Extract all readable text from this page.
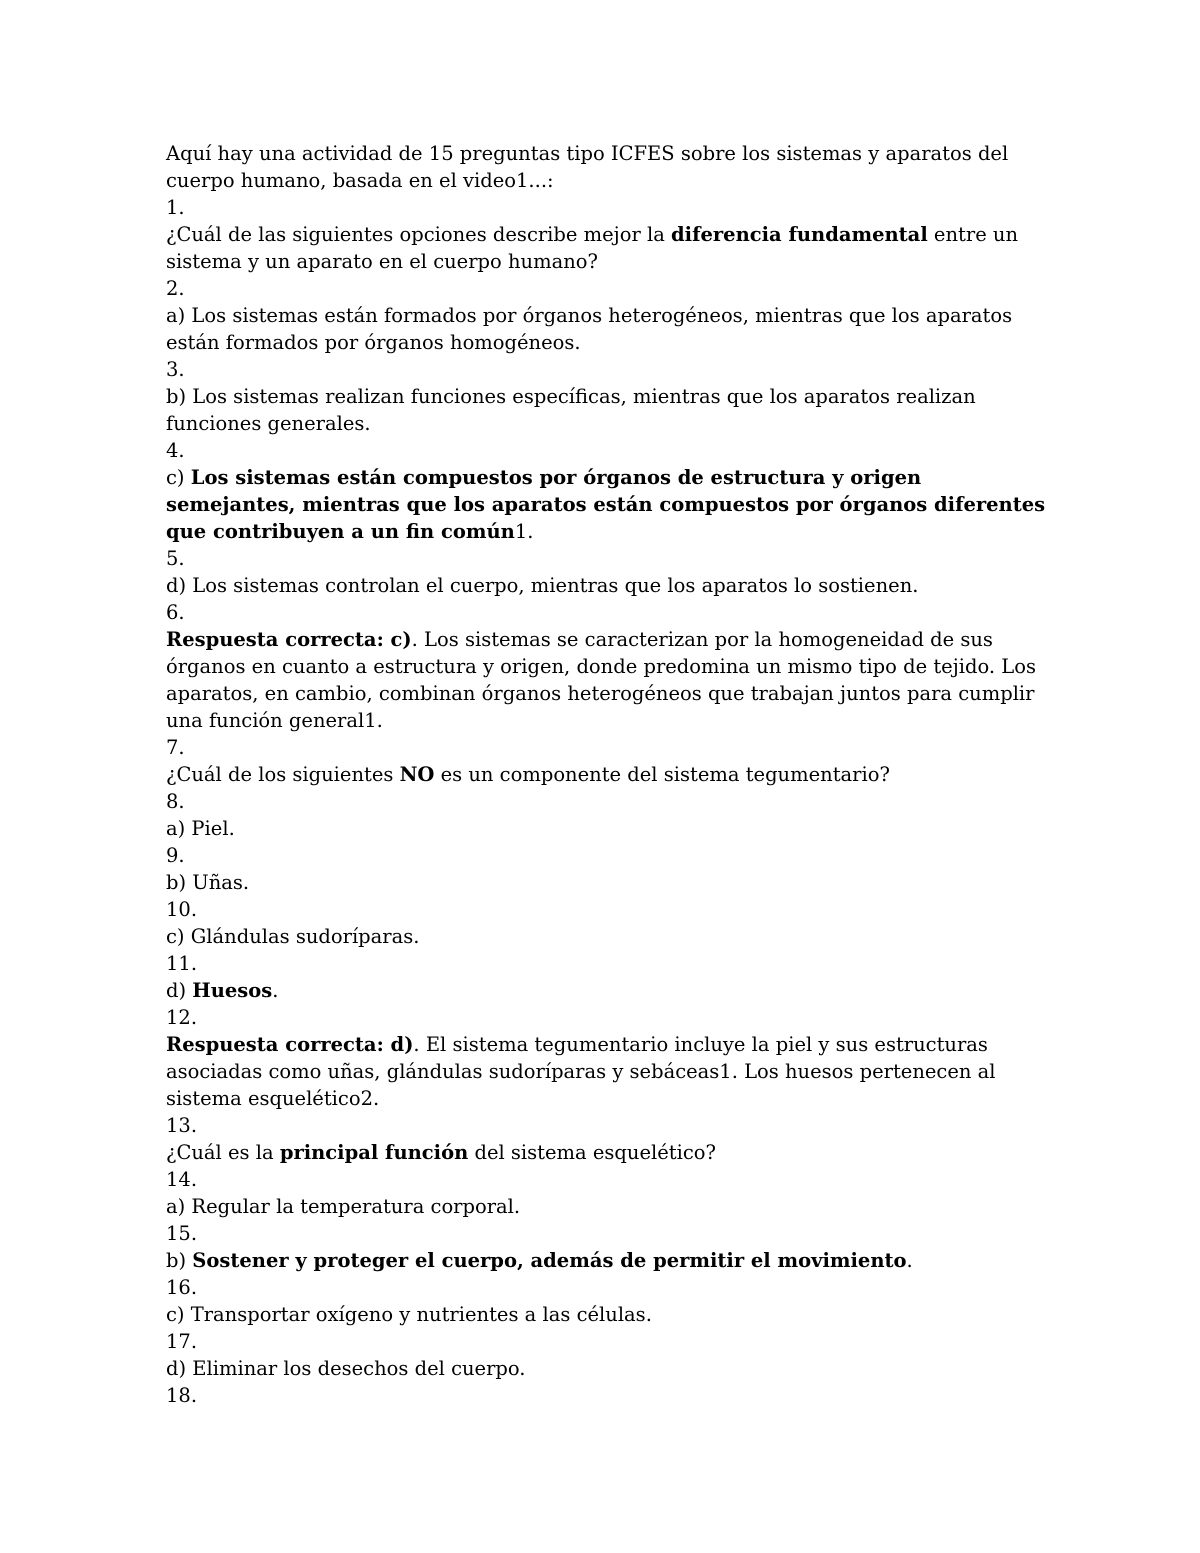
Aquí hay una actividad de 15 preguntas tipo ICFES sobre los sistemas y aparatos del cuerpo humano, basada en el video1...:

1.

¿Cuál de las siguientes opciones describe mejor la diferencia fundamental entre un sistema y un aparato en el cuerpo humano?

2.

a) Los sistemas están formados por órganos heterogéneos, mientras que los aparatos están formados por órganos homogéneos.

3.

b) Los sistemas realizan funciones específicas, mientras que los aparatos realizan funciones generales.

4.

c) Los sistemas están compuestos por órganos de estructura y origen semejantes, mientras que los aparatos están compuestos por órganos diferentes que contribuyen a un fin común1.

5.

d) Los sistemas controlan el cuerpo, mientras que los aparatos lo sostienen.

6.

Respuesta correcta: c). Los sistemas se caracterizan por la homogeneidad de sus órganos en cuanto a estructura y origen, donde predomina un mismo tipo de tejido. Los aparatos, en cambio, combinan órganos heterogéneos que trabajan juntos para cumplir una función general1.

7.

¿Cuál de los siguientes NO es un componente del sistema tegumentario?

8.

a) Piel.

9.

b) Uñas.

10.

c) Glándulas sudoríparas.

11.

d) Huesos.

12.

Respuesta correcta: d). El sistema tegumentario incluye la piel y sus estructuras asociadas como uñas, glándulas sudoríparas y sebáceas1. Los huesos pertenecen al sistema esquelético2.

13.

¿Cuál es la principal función del sistema esquelético?

14.

a) Regular la temperatura corporal.

15.

b) Sostener y proteger el cuerpo, además de permitir el movimiento.

16.

c) Transportar oxígeno y nutrientes a las células.

17.

d) Eliminar los desechos del cuerpo.

18.
